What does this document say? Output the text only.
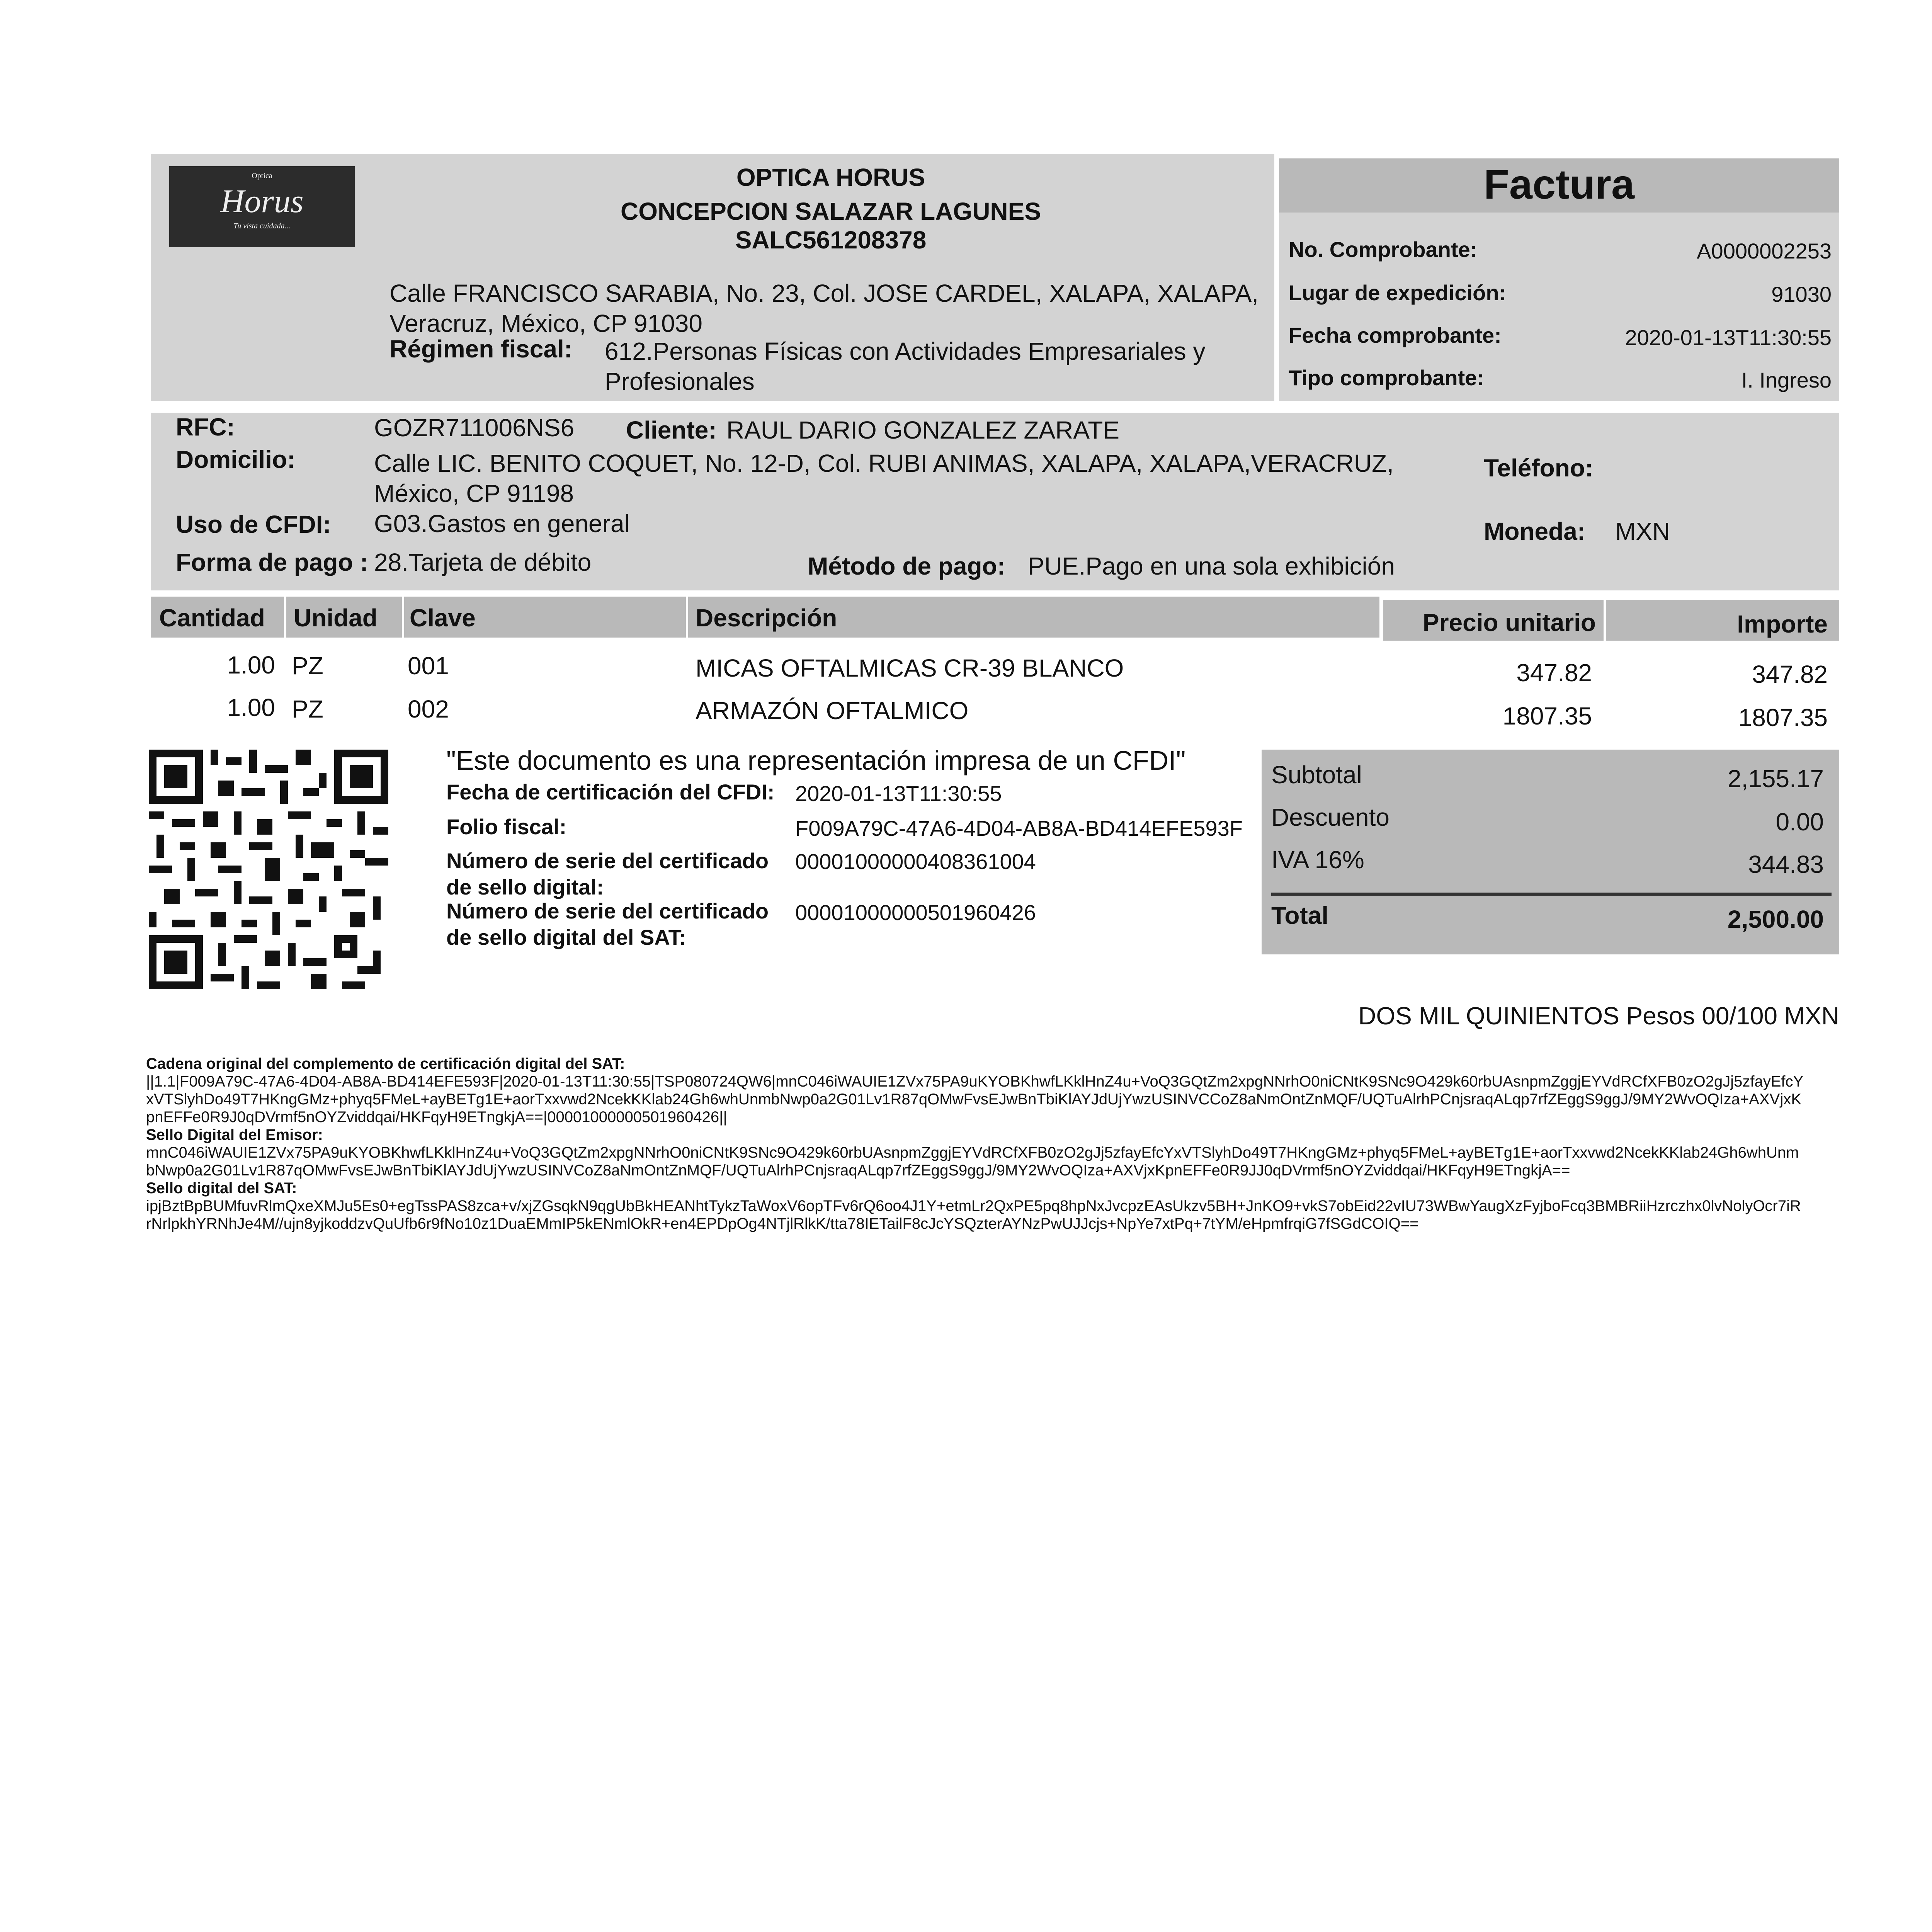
Optica
Horus
Tu vista cuidada...
OPTICA HORUS
CONCEPCION SALAZAR LAGUNES
SALC561208378
Calle FRANCISCO SARABIA, No. 23, Col. JOSE CARDEL, XALAPA, XALAPA, Veracruz, México, CP 91030
Régimen fiscal:	612.Personas Físicas con Actividades Empresariales y Profesionales
Factura
No. Comprobante:	A0000002253
Lugar de expedición:	91030
Fecha comprobante:	2020-01-13T11:30:55
Tipo comprobante:	I. Ingreso
RFC:	GOZR711006NS6	Cliente: RAUL DARIO GONZALEZ ZARATE
Domicilio:	Calle LIC. BENITO COQUET, No. 12-D, Col. RUBI ANIMAS, XALAPA, XALAPA,VERACRUZ, México, CP 91198
Teléfono:
Uso de CFDI:	G03.Gastos en general	Moneda:	MXN
Forma de pago : 28.Tarjeta de débito	Método de pago: PUE.Pago en una sola exhibición
Cantidad	Unidad	Clave	Descripción	Precio unitario	Importe
1.00 PZ	001	MICAS OFTALMICAS CR-39 BLANCO	347.82	347.82
1.00 PZ	002	ARMAZÓN OFTALMICO	1807.35	1807.35
"Este documento es una representación impresa de un CFDI"
Fecha de certificación del CFDI: 2020-01-13T11:30:55
Folio fiscal:	F009A79C-47A6-4D04-AB8A-BD414EFE593F
Número de serie del certificado de sello digital:
00001000000408361004
Número de serie del certificado de sello digital del SAT:
00001000000501960426
Subtotal	2,155.17
Descuento	0.00
IVA 16%	344.83
Total	2,500.00
DOS MIL QUINIENTOS Pesos 00/100 MXN
Cadena original del complemento de certificación digital del SAT:
||1.1|F009A79C-47A6-4D04-AB8A-BD414EFE593F|2020-01-13T11:30:55|TSP080724QW6|mnC046iWAUIE1ZVx75PA9uKYOBKhwfLKklHnZ4u+VoQ3GQtZm2xpgNNrhO0niCNtK9SNc9O429k60rbUAsnpmZggjEYVdRCfXFB0zO2gJj5zfayEfcYxVTSlyhDo49T7HKngGMz+phyq5FMeL+ayBETg1E+aorTxxvwd2NcekKKlab24Gh6whUnmbNwp0a2G01Lv1R87qOMwFvsEJwBnTbiKlAYJdUjYwzUSINVCCoZ8aNmOntZnMQF/UQTuAlrhPCnjsraqALqp7rfZEggS9ggJ/9MY2WvOQIza+AXVjxKpnEFFe0R9J0qDVrmf5nOYZviddqai/HKFqyH9ETngkjA==|00001000000501960426||
Sello Digital del Emisor:
mnC046iWAUIE1ZVx75PA9uKYOBKhwfLKklHnZ4u+VoQ3GQtZm2xpgNNrhO0niCNtK9SNc9O429k60rbUAsnpmZggjEYVdRCfXFB0zO2gJj5zfayEfcYxVTSlyhDo49T7HKngGMz+phyq5FMeL+ayBETg1E+aorTxxvwd2NcekKKlab24Gh6whUnmbNwp0a2G01Lv1R87qOMwFvsEJwBnTbiKlAYJdUjYwzUSINVCoZ8aNmOntZnMQF/UQTuAlrhPCnjsraqALqp7rfZEggS9ggJ/9MY2WvOQIza+AXVjxKpnEFFe0R9JJ0qDVrmf5nOYZviddqai/HKFqyH9ETngkjA==
Sello digital del SAT:
ipjBztBpBUMfuvRlmQxeXMJu5Es0+egTssPAS8zca+v/xjZGsqkN9qgUbBkHEANhtTykzTaWoxV6opTFv6rQ6oo4J1Y+etmLr2QxPE5pq8hpNxJvcpzEAsUkzv5BH+JnKO9+vkS7obEid22vIU73WBwYaugXzFyjboFcq3BMBRiiHzrczhx0lvNolyOcr7iRrNrlpkhYRNhJe4M//ujn8yjkoddzvQuUfb6r9fNo10z1DuaEMmIP5kENmlOkR+en4EPDpOg4NTjlRlkK/tta78IETailF8cJcYSQzterAYNzPwUJJcjs+NpYe7xtPq+7tYM/eHpmfrqiG7fSGdCOIQ==
